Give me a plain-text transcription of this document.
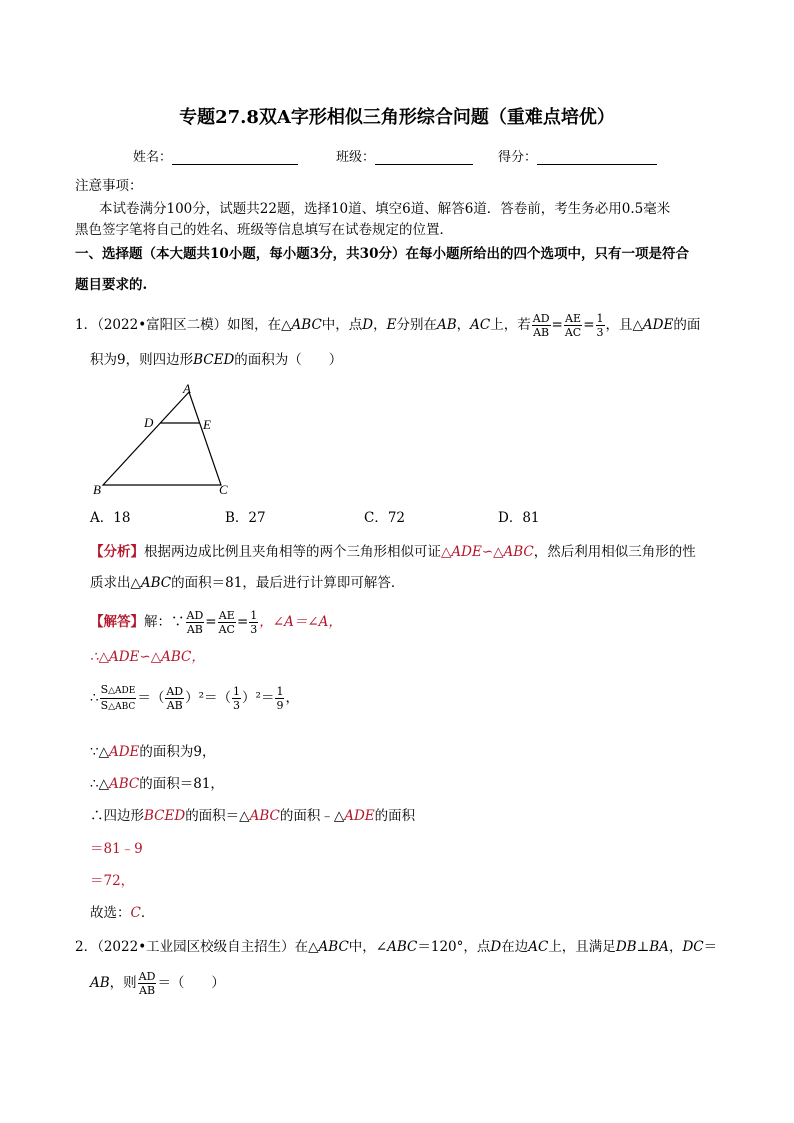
专题27.8双A字形相似三角形综合问题（重难点培优）
姓名：	班级：	得分：
注意事项：
本试卷满分100分，试题共22题，选择10道、填空6道、解答6道．答卷前，考生务必用0.5毫米
黑色签字笔将自己的姓名、班级等信息填写在试卷规定的位置．
一、选择题（本大题共10小题，每小题3分，共30分）在每小题所给出的四个选项中，只有一项是符合
题目要求的.
1．（2022•富阳区二模）如图，在△ABC中，点D，E分别在AB，AC上，若 $\frac{AD}{AB} = \frac{AE}{AC} = \frac{1}{3}$ ，且△ADE的面
积为9，则四边形BCED的面积为（　　）
A
D	E
B	C
A．18	B．27	C．72	D．81
【分析】根据两边成比例且夹角相等的两个三角形相似可证△ADE∽△ABC，然后利用相似三角形的性
质求出△ABC的面积＝81，最后进行计算即可解答．
【解答】解：∵ $\frac{AD}{AB} = \frac{AE}{AC} = \frac{1}{3}$ ，∠A＝∠A，
∴△ADE∽△ABC，
∴ $\frac{\text{S△ADE}}{\text{S△ABC}}$ ＝（ $\frac{AD}{AB} )^2=( \frac{1}{3} )^2= \frac{1}{9}$ ，
∵△ADE的面积为9，
∴△ABC的面积＝81，
∴四边形BCED的面积＝△ABC的面积﹣△ADE的面积
＝81﹣9
＝72，
故选：C．
2．（2022•工业园区校级自主招生）在△ABC中，∠ABC＝120°，点D在边AC上，且满足DB⊥BA，DC＝
AB，则 $\frac{AD}{AB}$ ＝（　　）
